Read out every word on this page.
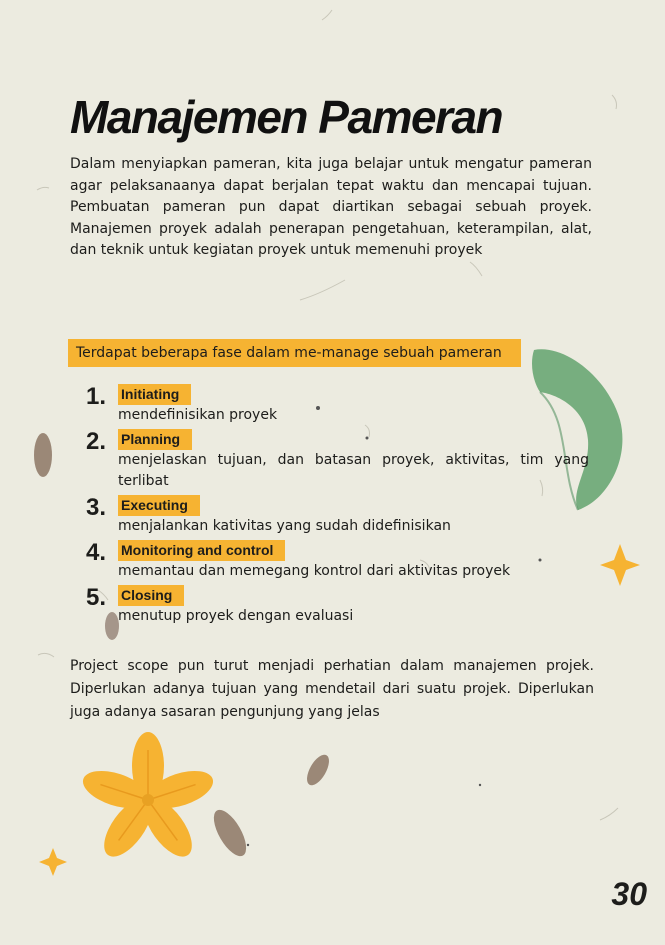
Manajemen Pameran

Dalam menyiapkan pameran, kita juga belajar untuk mengatur pameran agar pelaksanaanya dapat berjalan tepat waktu dan mencapai tujuan. Pembuatan pameran pun dapat diartikan sebagai sebuah proyek. Manajemen proyek adalah penerapan pengetahuan, keterampilan, alat, dan teknik untuk kegiatan proyek untuk memenuhi proyek

Terdapat beberapa fase dalam me-manage sebuah pameran
1.	Initiating
mendefinisikan proyek
2.	Planning
menjelaskan tujuan, dan batasan proyek, aktivitas, tim yang terlibat
3.	Executing
menjalankan kativitas yang sudah didefinisikan
4.	Monitoring and control
memantau dan memegang kontrol dari aktivitas proyek
5.	Closing
menutup proyek dengan evaluasi

Project scope pun turut menjadi perhatian dalam manajemen projek. Diperlukan adanya tujuan yang mendetail dari suatu projek. Diperlukan juga adanya sasaran pengunjung yang jelas

30
